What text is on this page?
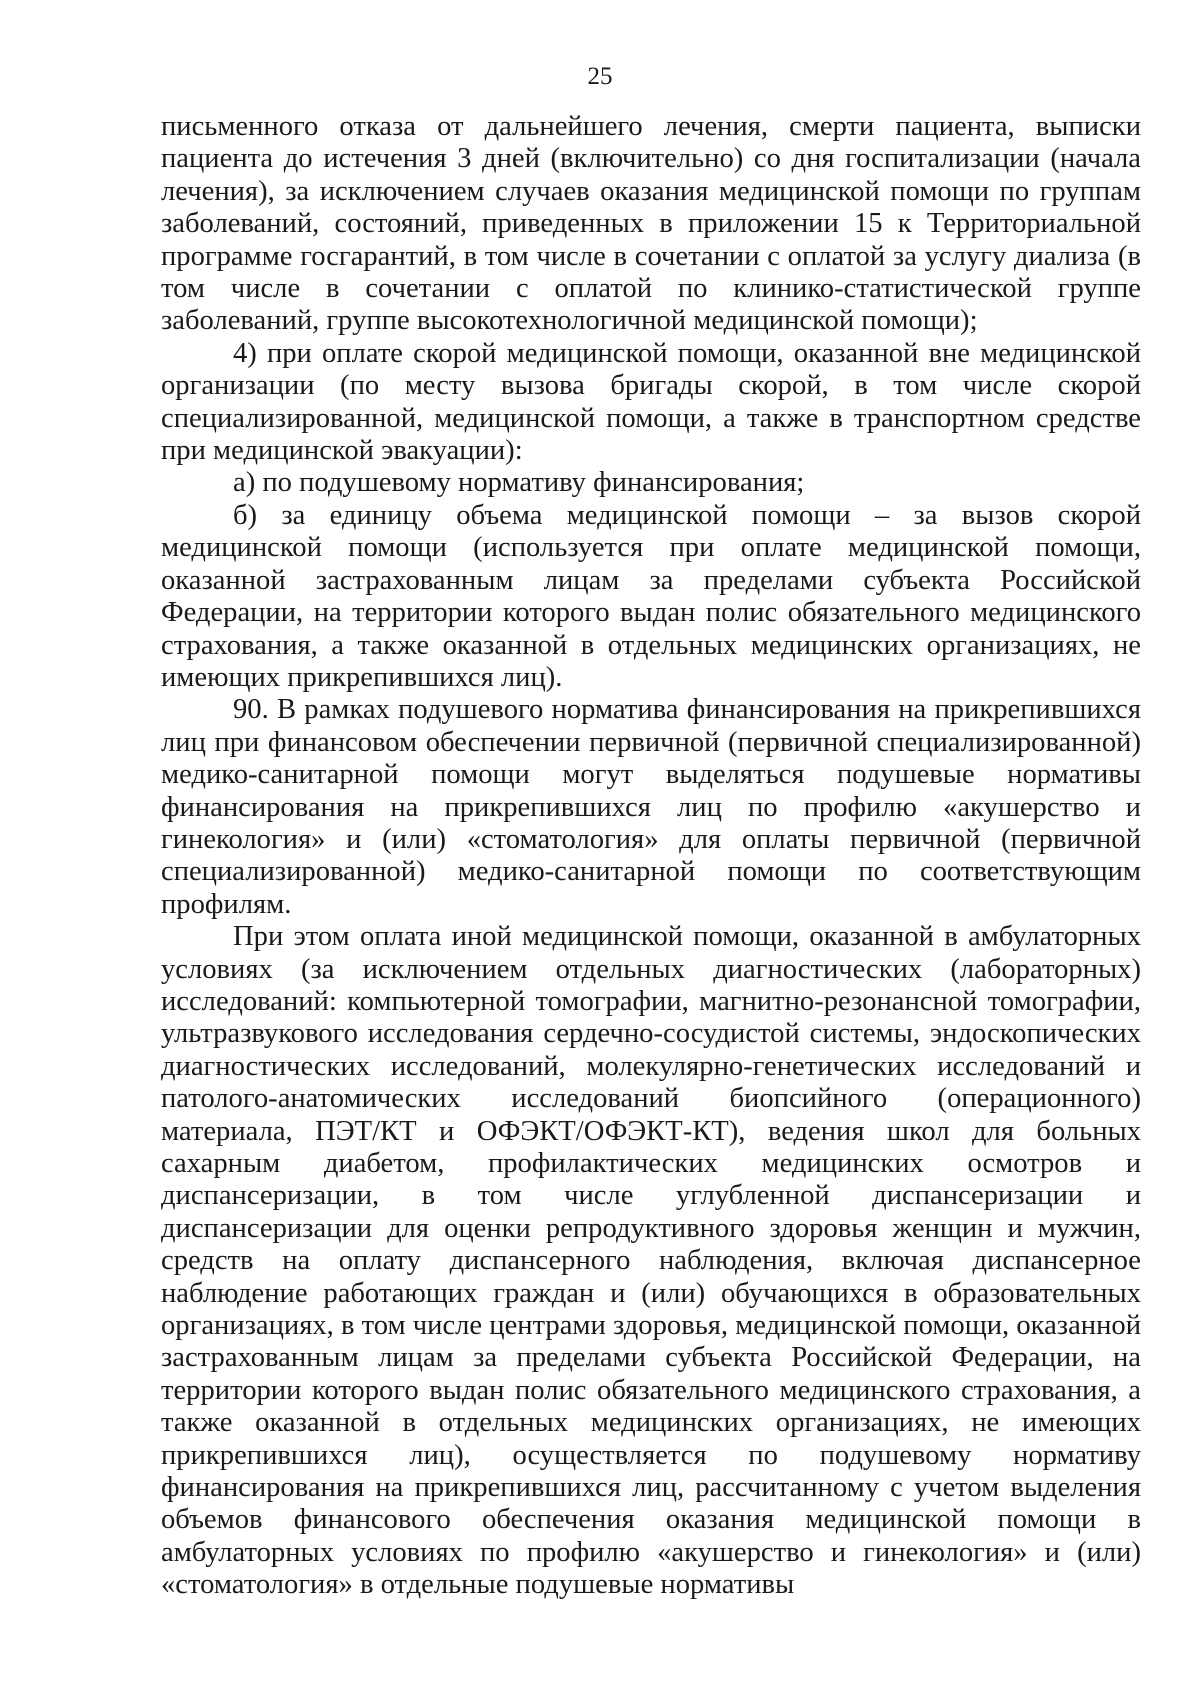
25

письменного отказа от дальнейшего лечения, смерти пациента, выписки пациента до истечения 3 дней (включительно) со дня госпитализации (начала лечения), за исключением случаев оказания медицинской помощи по группам заболеваний, состояний, приведенных в приложении 15 к Территориальной программе госгарантий, в том числе в сочетании с оплатой за услугу диализа (в том числе в сочетании с оплатой по клинико-статистической группе заболеваний, группе высокотехнологичной медицинской помощи);

4) при оплате скорой медицинской помощи, оказанной вне медицинской организации (по месту вызова бригады скорой, в том числе скорой специализированной, медицинской помощи, а также в транспортном средстве при медицинской эвакуации):

а) по подушевому нормативу финансирования;

б) за единицу объема медицинской помощи – за вызов скорой медицинской помощи (используется при оплате медицинской помощи, оказанной застрахованным лицам за пределами субъекта Российской Федерации, на территории которого выдан полис обязательного медицинского страхования, а также оказанной в отдельных медицинских организациях, не имеющих прикрепившихся лиц).

90. В рамках подушевого норматива финансирования на прикрепившихся лиц при финансовом обеспечении первичной (первичной специализированной) медико-санитарной помощи могут выделяться подушевые нормативы финансирования на прикрепившихся лиц по профилю «акушерство и гинекология» и (или) «стоматология» для оплаты первичной (первичной специализированной) медико-санитарной помощи по соответствующим профилям.

При этом оплата иной медицинской помощи, оказанной в амбулаторных условиях (за исключением отдельных диагностических (лабораторных) исследований: компьютерной томографии, магнитно-резонансной томографии, ультразвукового исследования сердечно-сосудистой системы, эндоскопических диагностических исследований, молекулярно-генетических исследований и патолого-анатомических исследований биопсийного (операционного) материала, ПЭТ/КТ и ОФЭКТ/ОФЭКТ-КТ), ведения школ для больных сахарным диабетом, профилактических медицинских осмотров и диспансеризации, в том числе углубленной диспансеризации и диспансеризации для оценки репродуктивного здоровья женщин и мужчин, средств на оплату диспансерного наблюдения, включая диспансерное наблюдение работающих граждан и (или) обучающихся в образовательных организациях, в том числе центрами здоровья, медицинской помощи, оказанной застрахованным лицам за пределами субъекта Российской Федерации, на территории которого выдан полис обязательного медицинского страхования, а также оказанной в отдельных медицинских организациях, не имеющих прикрепившихся лиц), осуществляется по подушевому нормативу финансирования на прикрепившихся лиц, рассчитанному с учетом выделения объемов финансового обеспечения оказания медицинской помощи в амбулаторных условиях по профилю «акушерство и гинекология» и (или) «стоматология» в отдельные подушевые нормативы
